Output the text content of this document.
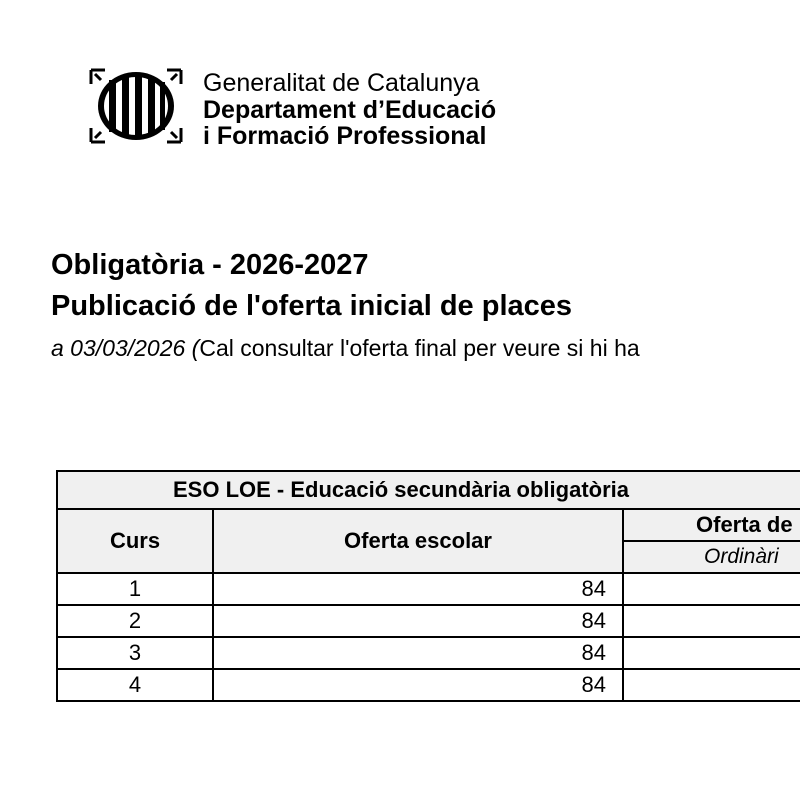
Generalitat de Catalunya
Departament d’Educació
i Formació Professional
Obligatòria - 2026-2027
Publicació de l'oferta inicial de places
a 03/03/2026 (Cal consultar l'oferta final per veure si hi ha
ESO LOE - Educació secundària obligatòria		
Curs	Oferta escolar	Oferta de
		Ordinàri
1	84	
2	84	
3	84	
4	84	
